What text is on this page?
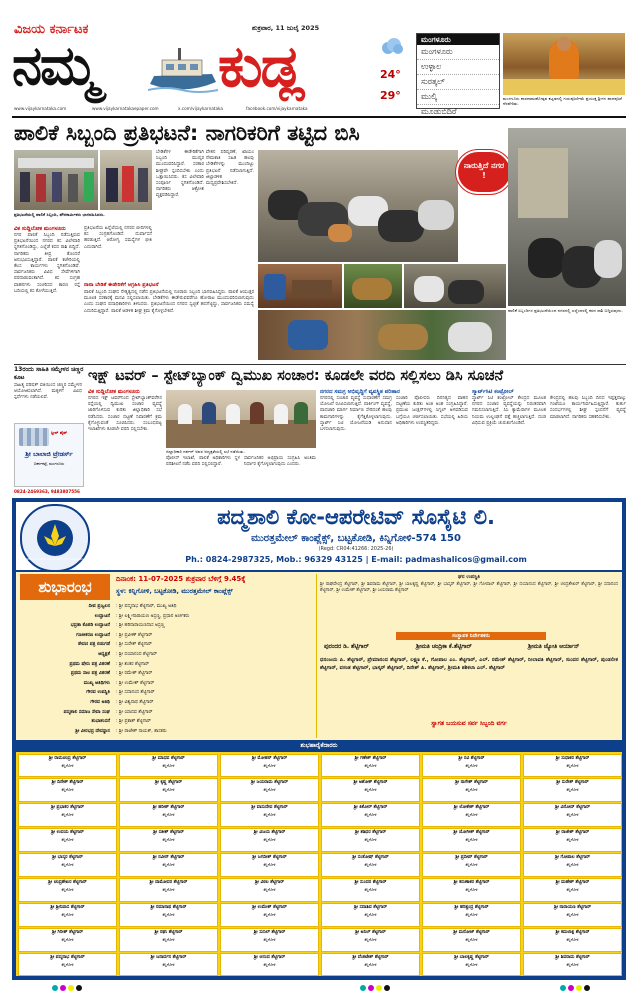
ವಿಜಯ ಕರ್ನಾಟಕ
ನಮ್ಮ ಕುಡ್ಲ
ಶುಕ್ರವಾರ, 11 ಜುಲೈ 2025
24°
29°
ಮಂಗಳೂರು
ಮಂಗಳೂರು
ಉಳ್ಳಾಲ
ಸುರತ್ಕಲ್
ಮುಲ್ಕಿ
ಮೂಡುಬಿದಿರೆ
ಮಂಗಳೂರು ಶಾರದಾಮಹೋತ್ಸವ ಕಟ್ಟಡದಲ್ಲಿ ಗುರುಪೂರ್ಣಿಮೆ ಪ್ರಯುಕ್ತ ಶ್ರೀಗಳ ಪಾದಪೂಜೆ ನೆರವೇರಿತು.
www.vijaykarnataka.com	www.vijaykarnatakaepaper.com	x.com/vijaykarnataka	facebook.com/vijaykarnataka
ಪಾಲಿಕೆ ಸಿಬ್ಬಂದಿ ಪ್ರತಿಭಟನೆ: ನಾಗರಿಕರಿಗೆ ತಟ್ಟಿದ ಬಿಸಿ
ಪ್ರತಿಭಟನೆಯಲ್ಲಿ ಪಾಲಿಕೆ ಸಿಬ್ಬಂದಿ, ಪೌರಕಾರ್ಮಿಕರು ಭಾಗವಹಿಸಿದರು.
ವಿಕ ಸುದ್ದಿಲೋಕ ಮಂಗಳೂರು
ನಗರ ಪಾಲಿಕೆ ಸಿಬ್ಬಂದಿ ನಡೆಸುತ್ತಿರುವ ಪ್ರತಿಭಟನೆಯಿಂದ ನಗರದ ಕಸ ವಿಲೇವಾರಿ ಸ್ಥಗಿತಗೊಂಡಿದ್ದು, ಎಲ್ಲೆಡೆ ಕಸದ ರಾಶಿ ಬಿದ್ದಿದೆ. ನಾಗರಿಕರು ತೀವ್ರ ತೊಂದರೆ ಅನುಭವಿಸುತ್ತಿದ್ದಾರೆ. ಪಾಲಿಕೆ ಕಚೇರಿಯಲ್ಲಿ ಕೆಲಸ ಕಾರ್ಯಗಳು ಸ್ಥಗಿತಗೊಂಡಿವೆ. ಸಾರ್ವಜನಿಕರು ವಿವಿಧ ಸೇವೆಗಳಿಗಾಗಿ ಪರದಾಡುವಂತಾಗಿದೆ. ಕಸ ಸಂಗ್ರಹ ವಾಹನಗಳು ಸಂಚರಿಸದ ಕಾರಣ ರಸ್ತೆ ಬದಿಯಲ್ಲಿ ಕಸ ಕೊಳೆಯುತ್ತಿದೆ.
ಪ್ರತಿಭಟನೆಯ ಹಿನ್ನೆಲೆಯಲ್ಲಿ ನಗರದ ಬೀದಿಗಳಲ್ಲಿ ಕಸ ಸಂಗ್ರಹಗೊಂಡಿದೆ. ದುರ್ವಾಸನೆ ಹರಡುತ್ತಿದೆ. ಆರೋಗ್ಯ ಸಮಸ್ಯೆಗಳ ಭೀತಿ ಎದುರಾಗಿದೆ.
ಬೇಡಿಕೆಗಳ ಈಡೇರಿಕೆಗಾಗಿ ಸಿಬ್ಬಂದಿ ಮುಷ್ಕರ ಮುಂದುವರಿಸಿದ್ದಾರೆ. ಸರಕಾರ ಶೀಘ್ರವೇ ಸ್ಪಂದಿಸಬೇಕು ಎಂದು ಒತ್ತಾಯಿಸಿದರು. ಕಸ ವಿಲೇವಾರಿ ಸಂಪೂರ್ಣ ಸ್ಥಗಿತಗೊಂಡಿದೆ. ನಾಗರಿಕರು ಆಕ್ರೋಶ ವ್ಯಕ್ತಪಡಿಸಿದ್ದಾರೆ.
ವೇತನ ಪರಿಷ್ಕರಣೆ, ಖಾಯಂ ನೇಮಕಾತಿ ಸಹಿತ ಹಲವು ಬೇಡಿಕೆಗಳನ್ನು ಮುಂದಿಟ್ಟು ಪ್ರತಿಭಟನೆ ನಡೆಸಲಾಗುತ್ತಿದೆ. ಜಿಲ್ಲಾಡಳಿತ ಮಧ್ಯಪ್ರವೇಶಿಸಬೇಕಿದೆ.
ನಾನಾ ಬೇಡಿಕೆ ಈಡೇರಿಕೆಗೆ ಆಗ್ರಹಿಸಿ ಪ್ರತಿಭಟನೆ
ಪಾಲಿಕೆ ಸಿಬ್ಬಂದಿ ಸಂಘದ ನೇತೃತ್ವದಲ್ಲಿ ನಡೆದ ಪ್ರತಿಭಟನೆಯಲ್ಲಿ ನೂರಾರು ಸಿಬ್ಬಂದಿ ಭಾಗವಹಿಸಿದ್ದರು. ಪಾಲಿಕೆ ಆಯುಕ್ತರ ಮೂಲಕ ಸರಕಾರಕ್ಕೆ ಮನವಿ ಸಲ್ಲಿಸಲಾಯಿತು. ಬೇಡಿಕೆಗಳು ಈಡೇರುವವರೆಗೂ ಹೋರಾಟ ಮುಂದುವರಿಸಲಾಗುವುದು ಎಂದು ಸಂಘದ ಪದಾಧಿಕಾರಿಗಳು ತಿಳಿಸಿದರು. ಪ್ರತಿಭಟನೆಯಿಂದ ನಗರದ ಸ್ವಚ್ಛತೆ ಹದಗೆಟ್ಟಿದ್ದು, ಸಾರ್ವಜನಿಕರು ಸಮಸ್ಯೆ ಎದುರಿಸುತ್ತಿದ್ದಾರೆ. ಪಾಲಿಕೆ ಆಡಳಿತ ಶೀಘ್ರ ಕ್ರಮ ಕೈಗೊಳ್ಳಬೇಕಿದೆ.
ನಾರುತ್ತಿದೆ ನಗರ !
ಪಾಲಿಕೆ ಸಿಬ್ಬಂದಿಗಳ ಪ್ರತಿಭಟನೆಯಿಂದ ನಗರದಲ್ಲಿ ಎಲ್ಲೆಂದರಲ್ಲಿ ಕಸದ ರಾಶಿ ಬಿದ್ದಿರುವುದು.
13ರಂದು ಸಾಹಿತಿ ಸಮ್ಮೇಳನ ಚಿಣ್ಣರ ಕೂಟ
ಸಾಹಿತ್ಯ ಪರಿಷತ್ ವತಿಯಿಂದ ಚಿಣ್ಣರ ಸಮ್ಮೇಳನ ಆಯೋಜಿಸಲಾಗಿದೆ. ಮಕ್ಕಳಿಗೆ ವಿವಿಧ ಸ್ಪರ್ಧೆಗಳು ನಡೆಯಲಿವೆ.
ಸ್ಟೀಲ್ ಪೈಪ್
ಶ್ರೀ ಬಾಲಾಜಿ ಟ್ರೇಡರ್ಸ್
ಬಿಕರ್ನಕಟ್ಟೆ, ಮಂಗಳೂರು
0824-2469363, 9483807556
ಇಕ್ಷ್ ಟವರ್ – ಸ್ಟೇಟ್‌ಬ್ಯಾಂಕ್ ದ್ವಿಮುಖ ಸಂಚಾರ: ಕೂಡಲೇ ವರದಿ ಸಲ್ಲಿಸಲು ಡಿಸಿ ಸೂಚನೆ
ವಿಕ ಸುದ್ದಿಲೋಕ ಮಂಗಳೂರು
ನಗರದ ಇಕ್ಷ್ ಟವರ್‌ನಿಂದ ಸ್ಟೇಟ್‌ಬ್ಯಾಂಕ್‌ವರೆಗಿನ ರಸ್ತೆಯಲ್ಲಿ ದ್ವಿಮುಖ ಸಂಚಾರ ವ್ಯವಸ್ಥೆ ಜಾರಿಗೊಳಿಸುವ ಕುರಿತು ಜಿಲ್ಲಾಧಿಕಾರಿ ಸಭೆ ನಡೆಸಿದರು. ಸಂಚಾರ ದಟ್ಟಣೆ ನಿವಾರಣೆಗೆ ಕ್ರಮ ಕೈಗೊಳ್ಳುವಂತೆ ಸೂಚಿಸಿದರು. ಸಂಬಂಧಪಟ್ಟ ಇಲಾಖೆಗಳು ಕೂಡಲೇ ವರದಿ ಸಲ್ಲಿಸಬೇಕು.
ಜಿಲ್ಲಾಧಿಕಾರಿ ದರ್ಶನ್ ಅವರ ಅಧ್ಯಕ್ಷತೆಯಲ್ಲಿ ಸಭೆ ನಡೆಯಿತು.
ಪೊಲೀಸ್ ಇಲಾಖೆ, ಪಾಲಿಕೆ ಅಧಿಕಾರಿಗಳು ಸ್ಥಳ ಪರಿಶೀಲನೆ ನಡೆಸಿ ವರದಿ ಸಲ್ಲಿಸಲಿದ್ದಾರೆ.
ಸಾರ್ವಜನಿಕರ ಅಭಿಪ್ರಾಯ ಸಂಗ್ರಹಿಸಿ ಅಂತಿಮ ನಿರ್ಧಾರ ಕೈಗೊಳ್ಳಲಾಗುವುದು ಎಂದರು.
ನಗರದ ಸಮಗ್ರ ಅಭಿವೃದ್ಧಿಗೆ ವ್ಯವಸ್ಥಿತ ಪರಿಹಾರ
ನಗರದಲ್ಲಿ ಸಂಚಾರ ವ್ಯವಸ್ಥೆ ಸುಧಾರಣೆಗೆ ಸಮಗ್ರ ಯೋಜನೆ ರೂಪಿಸಲಾಗುತ್ತಿದೆ. ಪಾರ್ಕಿಂಗ್ ವ್ಯವಸ್ಥೆ, ಪಾದಚಾರಿ ಮಾರ್ಗ ನಿರ್ಮಾಣ ಸೇರಿದಂತೆ ಹಲವು ಕಾಮಗಾರಿಗಳನ್ನು ಕೈಗೆತ್ತಿಕೊಳ್ಳಲಾಗುವುದು. ಸ್ಮಾರ್ಟ್ ಸಿಟಿ ಯೋಜನೆಯಡಿ ಅನುದಾನ ಬಳಸಲಾಗುವುದು.
ಸಂಚಾರಿ ಪೊಲೀಸರು ದಿನನಿತ್ಯದ ವಾಹನ ದಟ್ಟಣೆಯ ಕುರಿತು ಅಂಕಿ ಅಂಶ ಸಂಗ್ರಹಿಸಿದ್ದಾರೆ. ಪ್ರಮುಖ ಜಂಕ್ಷನ್‌ಗಳಲ್ಲಿ ಸಿಗ್ನಲ್ ಅಳವಡಿಸುವ ಬಗ್ಗೆಯೂ ಚರ್ಚಿಸಲಾಯಿತು. ಸಭೆಯಲ್ಲಿ ಹಿರಿಯ ಅಧಿಕಾರಿಗಳು ಉಪಸ್ಥಿತರಿದ್ದರು.
ಸ್ಮಾರ್ಟ್‌ಸಿಟಿ ಕಂಟ್ರೋಲ್
ಸ್ಮಾರ್ಟ್ ಸಿಟಿ ಕಂಟ್ರೋಲ್ ಕೇಂದ್ರದ ಮೂಲಕ ನಗರದ ಸಂಚಾರ ವ್ಯವಸ್ಥೆಯನ್ನು ನಿರಂತರವಾಗಿ ಗಮನಿಸಲಾಗುತ್ತಿದೆ. ಸಿಸಿ ಕ್ಯಾಮೆರಾಗಳ ಮೂಲಕ ನಿಯಮ ಉಲ್ಲಂಘನೆ ಪತ್ತೆ ಹಚ್ಚಲಾಗುತ್ತಿದೆ. ದಂಡ ವಿಧಿಸುವ ಪ್ರಕ್ರಿಯೆ ಚುರುಕುಗೊಂಡಿದೆ.
ಕೇಂದ್ರದಲ್ಲಿ ಹಲವು ಸಿಬ್ಬಂದಿ ದಿನದ ಇಪ್ಪತ್ತನಾಲ್ಕು ಗಂಟೆಯೂ ಕಾರ್ಯನಿರ್ವಹಿಸುತ್ತಿದ್ದಾರೆ. ತುರ್ತು ಸಂದರ್ಭಗಳಲ್ಲಿ ಶೀಘ್ರ ಸ್ಪಂದನೆಗೆ ವ್ಯವಸ್ಥೆ ಮಾಡಲಾಗಿದೆ. ನಾಗರಿಕರು ಸಹಕರಿಸಬೇಕು.
ಪದ್ಮಶಾಲಿ ಕೋ-ಆಪರೇಟಿವ್ ಸೊಸೈಟಿ ಲಿ.
ಮುರತ್ತಮೇಲ್ ಕಾಂಪ್ಲೆಕ್ಸ್, ಬಟ್ಟಕೋಡಿ, ಕಿನ್ನಿಗೋಳಿ-574 150
(Regd: CR04:41266: 2025-26)
Ph.: 0824-2987325, Mob.: 96329 43125 | E-mail: padmashalicos@gmail.com
PADMASHALI CO-OPERATIVE SOCIETY LTD. BATTAKODI, KINNIGOLI
ಶುಭಾರಂಭ	ದಿನಾಂಕ: 11-07-2025 ಶುಕ್ರವಾರ ಬೆಳಿಗ್ಗೆ 9.45ಕ್ಕೆ
ಸ್ಥಳ: ಕಿನ್ನಿಗೋಳಿ, ಬಟ್ಟಕೋಡಿ, ಮುರತ್ತಮೇಲ್ ಕಾಂಪ್ಲೆಕ್ಸ್
ದೀಪ ಪ್ರಜ್ವಲನ : ಶ್ರೀ ಪದ್ಮನಾಭ ಶೆಟ್ಟಿಗಾರ್, ಮುಖ್ಯ ಅತಿಥಿ
ಉದ್ಘಾಟನೆ : ಶ್ರೀ ಲಕ್ಷ್ಮೀನಾರಾಯಣ ಅಸ್ರಣ್ಣ, ಪ್ರಧಾನ ಅರ್ಚಕರು
ಭದ್ರತಾ ಕೊಠಡಿ ಉದ್ಘಾಟನೆ : ಶ್ರೀ ಹರಿನಾರಾಯಣದಾಸ ಅಸ್ರಣ್ಣ
ಗಣಕೀಕರಣ ಉದ್ಘಾಟನೆ : ಶ್ರೀ ಪ್ರವೀಣ್ ಶೆಟ್ಟಿಗಾರ್
ಠೇವಣಿ ಪತ್ರ ಬಿಡುಗಡೆ : ಶ್ರೀ ಸುರೇಶ್ ಶೆಟ್ಟಿಗಾರ್
ಅಧ್ಯಕ್ಷತೆ : ಶ್ರೀ ದಯಾನಂದ ಶೆಟ್ಟಿಗಾರ್
ಪ್ರಥಮ ಷೇರು ಪತ್ರ ವಿತರಣೆ : ಶ್ರೀ ಶಂಕರ ಶೆಟ್ಟಿಗಾರ್
ಪ್ರಥಮ ಸಾಲ ಪತ್ರ ವಿತರಣೆ : ಶ್ರೀ ರಮೇಶ್ ಶೆಟ್ಟಿಗಾರ್
ಮುಖ್ಯ ಅತಿಥಿಗಳು : ಶ್ರೀ ಉಮೇಶ್ ಶೆಟ್ಟಿಗಾರ್
ಗೌರವ ಉಪಸ್ಥಿತಿ : ಶ್ರೀ ಸದಾನಂದ ಶೆಟ್ಟಿಗಾರ್
ಗೌರವ ಅತಿಥಿ : ಶ್ರೀ ವಿಶ್ವನಾಥ ಶೆಟ್ಟಿಗಾರ್
ಪದ್ಮಶಾಲಿ ಸಮಾಜ ಸೇವಾ ಸಂಘ : ಶ್ರೀ ಯಾದವ ಶೆಟ್ಟಿಗಾರ್
ಶುಭಾಶಂಸನೆ : ಶ್ರೀ ಪ್ರಕಾಶ್ ಶೆಟ್ಟಿಗಾರ್
ಶ್ರೀ ವೀರಭದ್ರ ದೇವಸ್ಥಾನ : ಶ್ರೀ ರಾಜೇಶ್ ನಾಯಕ್, ಶಾಸಕರು
ಘನ ಉಪಸ್ಥಿತಿ
ಶ್ರೀ ರಾಘವೇಂದ್ರ ಶೆಟ್ಟಿಗಾರ್, ಶ್ರೀ ಶಿವರಾಮ ಶೆಟ್ಟಿಗಾರ್, ಶ್ರೀ ಬಾಲಕೃಷ್ಣ ಶೆಟ್ಟಿಗಾರ್, ಶ್ರೀ ಭಾಸ್ಕರ್ ಶೆಟ್ಟಿಗಾರ್, ಶ್ರೀ ಗೋಪಾಲ್ ಶೆಟ್ಟಿಗಾರ್, ಶ್ರೀ ದಯಾನಂದ ಶೆಟ್ಟಿಗಾರ್, ಶ್ರೀ ಚಂದ್ರಶೇಖರ್ ಶೆಟ್ಟಿಗಾರ್, ಶ್ರೀ ಸದಾನಂದ ಶೆಟ್ಟಿಗಾರ್, ಶ್ರೀ ಉಮೇಶ್ ಶೆಟ್ಟಿಗಾರ್, ಶ್ರೀ ಜಯರಾಮ ಶೆಟ್ಟಿಗಾರ್
ಸಂಸ್ಥಾಪಕ ನಿರ್ದೇಶಕರು
ಪುರಂದರ ಡಿ. ಶೆಟ್ಟಿಗಾರ್	ಶ್ರೀಮತಿ ಚಂದ್ರಿಕಾ ಕೆ.ಶೆಟ್ಟಿಗಾರ್	ಶ್ರೀಮತಿ ಜ್ಯೋತಿ ಆರ್ಯಾನ್
ಧನಂಜಯ ಪಿ. ಶೆಟ್ಟಿಗಾರ್, ಪ್ರೇಮಾನಂದ ಶೆಟ್ಟಿಗಾರ್, ಲಕ್ಷ್ಮಣ ಕೆ., ಗೋಪಾಲ ಎಂ. ಶೆಟ್ಟಿಗಾರ್, ಎಲ್. ರಮೇಶ್ ಶೆಟ್ಟಿಗಾರ್, ನೀಲಾವತಿ ಶೆಟ್ಟಿಗಾರ್, ಸುಂದರ ಶೆಟ್ಟಿಗಾರ್, ಪುಂಡಲೀಕ ಶೆಟ್ಟಿಗಾರ್, ವಸಂತ ಶೆಟ್ಟಿಗಾರ್, ಭಾಸ್ಕರ್ ಶೆಟ್ಟಿಗಾರ್, ದಿನೇಶ್ ಪಿ. ಶೆಟ್ಟಿಗಾರ್, ಶ್ರೀಮತಿ ಶಶಿಕಲಾ ಎಲ್. ಶೆಟ್ಟಿಗಾರ್
ಸ್ವಾಗತ ಬಯಸುವ ಸರ್ವ ಸಿಬ್ಬಂದಿ ವರ್ಗ
ಶುಭಹಾರೈಕೆದಾರರು
ಶ್ರೀ ರಾಮಚಂದ್ರ ಶೆಟ್ಟಿಗಾರ್
ಕಿನ್ನಿಗೋಳಿ
ಶ್ರೀ ಮಾಧವ ಶೆಟ್ಟಿಗಾರ್
ಕಿನ್ನಿಗೋಳಿ
ಶ್ರೀ ಮೋಹನ್ ಶೆಟ್ಟಿಗಾರ್
ಕಿನ್ನಿಗೋಳಿ
ಶ್ರೀ ಗಣೇಶ್ ಶೆಟ್ಟಿಗಾರ್
ಕಿನ್ನಿಗೋಳಿ
ಶ್ರೀ ರವಿ ಶೆಟ್ಟಿಗಾರ್
ಕಿನ್ನಿಗೋಳಿ
ಶ್ರೀ ಸುಧಾಕರ ಶೆಟ್ಟಿಗಾರ್
ಕಿನ್ನಿಗೋಳಿ
ಶ್ರೀ ದಿನೇಶ್ ಶೆಟ್ಟಿಗಾರ್
ಕಿನ್ನಿಗೋಳಿ
ಶ್ರೀ ಕೃಷ್ಣ ಶೆಟ್ಟಿಗಾರ್
ಕಿನ್ನಿಗೋಳಿ
ಶ್ರೀ ಜಯರಾಮ ಶೆಟ್ಟಿಗಾರ್
ಕಿನ್ನಿಗೋಳಿ
ಶ್ರೀ ಅಶೋಕ್ ಶೆಟ್ಟಿಗಾರ್
ಕಿನ್ನಿಗೋಳಿ
ಶ್ರೀ ನಾಗೇಶ್ ಶೆಟ್ಟಿಗಾರ್
ಕಿನ್ನಿಗೋಳಿ
ಶ್ರೀ ಸುರೇಶ್ ಶೆಟ್ಟಿಗಾರ್
ಕಿನ್ನಿಗೋಳಿ
ಶ್ರೀ ಪ್ರಭಾಕರ ಶೆಟ್ಟಿಗಾರ್
ಕಿನ್ನಿಗೋಳಿ
ಶ್ರೀ ಹರೀಶ್ ಶೆಟ್ಟಿಗಾರ್
ಕಿನ್ನಿಗೋಳಿ
ಶ್ರೀ ವಾಸುದೇವ ಶೆಟ್ಟಿಗಾರ್
ಕಿನ್ನಿಗೋಳಿ
ಶ್ರೀ ಕಿಶೋರ್ ಶೆಟ್ಟಿಗಾರ್
ಕಿನ್ನಿಗೋಳಿ
ಶ್ರೀ ಲೋಕೇಶ್ ಶೆಟ್ಟಿಗಾರ್
ಕಿನ್ನಿಗೋಳಿ
ಶ್ರೀ ವಿನೋದ್ ಶೆಟ್ಟಿಗಾರ್
ಕಿನ್ನಿಗೋಳಿ
ಶ್ರೀ ಉದಯ ಶೆಟ್ಟಿಗಾರ್
ಕಿನ್ನಿಗೋಳಿ
ಶ್ರೀ ಸತೀಶ್ ಶೆಟ್ಟಿಗಾರ್
ಕಿನ್ನಿಗೋಳಿ
ಶ್ರೀ ವಿಜಯ ಶೆಟ್ಟಿಗಾರ್
ಕಿನ್ನಿಗೋಳಿ
ಶ್ರೀ ಶಶಿಧರ ಶೆಟ್ಟಿಗಾರ್
ಕಿನ್ನಿಗೋಳಿ
ಶ್ರೀ ಯೋಗೀಶ್ ಶೆಟ್ಟಿಗಾರ್
ಕಿನ್ನಿಗೋಳಿ
ಶ್ರೀ ರಾಜೇಶ್ ಶೆಟ್ಟಿಗಾರ್
ಕಿನ್ನಿಗೋಳಿ
ಶ್ರೀ ಭಾಸ್ಕರ ಶೆಟ್ಟಿಗಾರ್
ಕಿನ್ನಿಗೋಳಿ
ಶ್ರೀ ನವೀನ್ ಶೆಟ್ಟಿಗಾರ್
ಕಿನ್ನಿಗೋಳಿ
ಶ್ರೀ ಜಗದೀಶ್ ಶೆಟ್ಟಿಗಾರ್
ಕಿನ್ನಿಗೋಳಿ
ಶ್ರೀ ಸಂತೋಷ್ ಶೆಟ್ಟಿಗಾರ್
ಕಿನ್ನಿಗೋಳಿ
ಶ್ರೀ ಪ್ರದೀಪ್ ಶೆಟ್ಟಿಗಾರ್
ಕಿನ್ನಿಗೋಳಿ
ಶ್ರೀ ಗೋಪಾಲ ಶೆಟ್ಟಿಗಾರ್
ಕಿನ್ನಿಗೋಳಿ
ಶ್ರೀ ಚಂದ್ರಶೇಖರ ಶೆಟ್ಟಿಗಾರ್
ಕಿನ್ನಿಗೋಳಿ
ಶ್ರೀ ದಾಮೋದರ ಶೆಟ್ಟಿಗಾರ್
ಕಿನ್ನಿಗೋಳಿ
ಶ್ರೀ ವಿಠಲ ಶೆಟ್ಟಿಗಾರ್
ಕಿನ್ನಿಗೋಳಿ
ಶ್ರೀ ಸುಂದರ ಶೆಟ್ಟಿಗಾರ್
ಕಿನ್ನಿಗೋಳಿ
ಶ್ರೀ ಕರುಣಾಕರ ಶೆಟ್ಟಿಗಾರ್
ಕಿನ್ನಿಗೋಳಿ
ಶ್ರೀ ಮಹೇಶ್ ಶೆಟ್ಟಿಗಾರ್
ಕಿನ್ನಿಗೋಳಿ
ಶ್ರೀ ಶ್ರೀನಿವಾಸ ಶೆಟ್ಟಿಗಾರ್
ಕಿನ್ನಿಗೋಳಿ
ಶ್ರೀ ರಮಾನಾಥ ಶೆಟ್ಟಿಗಾರ್
ಕಿನ್ನಿಗೋಳಿ
ಶ್ರೀ ಉಮೇಶ್ ಶೆಟ್ಟಿಗಾರ್
ಕಿನ್ನಿಗೋಳಿ
ಶ್ರೀ ಸದಾಶಿವ ಶೆಟ್ಟಿಗಾರ್
ಕಿನ್ನಿಗೋಳಿ
ಶ್ರೀ ಹರಿಶ್ಚಂದ್ರ ಶೆಟ್ಟಿಗಾರ್
ಕಿನ್ನಿಗೋಳಿ
ಶ್ರೀ ನಾರಾಯಣ ಶೆಟ್ಟಿಗಾರ್
ಕಿನ್ನಿಗೋಳಿ
ಶ್ರೀ ಗಿರೀಶ್ ಶೆಟ್ಟಿಗಾರ್
ಕಿನ್ನಿಗೋಳಿ
ಶ್ರೀ ರಘು ಶೆಟ್ಟಿಗಾರ್
ಕಿನ್ನಿಗೋಳಿ
ಶ್ರೀ ಸುನಿಲ್ ಶೆಟ್ಟಿಗಾರ್
ಕಿನ್ನಿಗೋಳಿ
ಶ್ರೀ ಅನಿಲ್ ಶೆಟ್ಟಿಗಾರ್
ಕಿನ್ನಿಗೋಳಿ
ಶ್ರೀ ಮನೋಜ್ ಶೆಟ್ಟಿಗಾರ್
ಕಿನ್ನಿಗೋಳಿ
ಶ್ರೀ ಕಮಲಾಕ್ಷ ಶೆಟ್ಟಿಗಾರ್
ಕಿನ್ನಿಗೋಳಿ
ಶ್ರೀ ಪದ್ಮನಾಭ ಶೆಟ್ಟಿಗಾರ್
ಕಿನ್ನಿಗೋಳಿ
ಶ್ರೀ ಜನಾರ್ದನ ಶೆಟ್ಟಿಗಾರ್
ಕಿನ್ನಿಗೋಳಿ
ಶ್ರೀ ಆನಂದ ಶೆಟ್ಟಿಗಾರ್
ಕಿನ್ನಿಗೋಳಿ
ಶ್ರೀ ವೆಂಕಟೇಶ್ ಶೆಟ್ಟಿಗಾರ್
ಕಿನ್ನಿಗೋಳಿ
ಶ್ರೀ ಬಾಲಕೃಷ್ಣ ಶೆಟ್ಟಿಗಾರ್
ಕಿನ್ನಿಗೋಳಿ
ಶ್ರೀ ಶಿವರಾಮ ಶೆಟ್ಟಿಗಾರ್
ಕಿನ್ನಿಗೋಳಿ
